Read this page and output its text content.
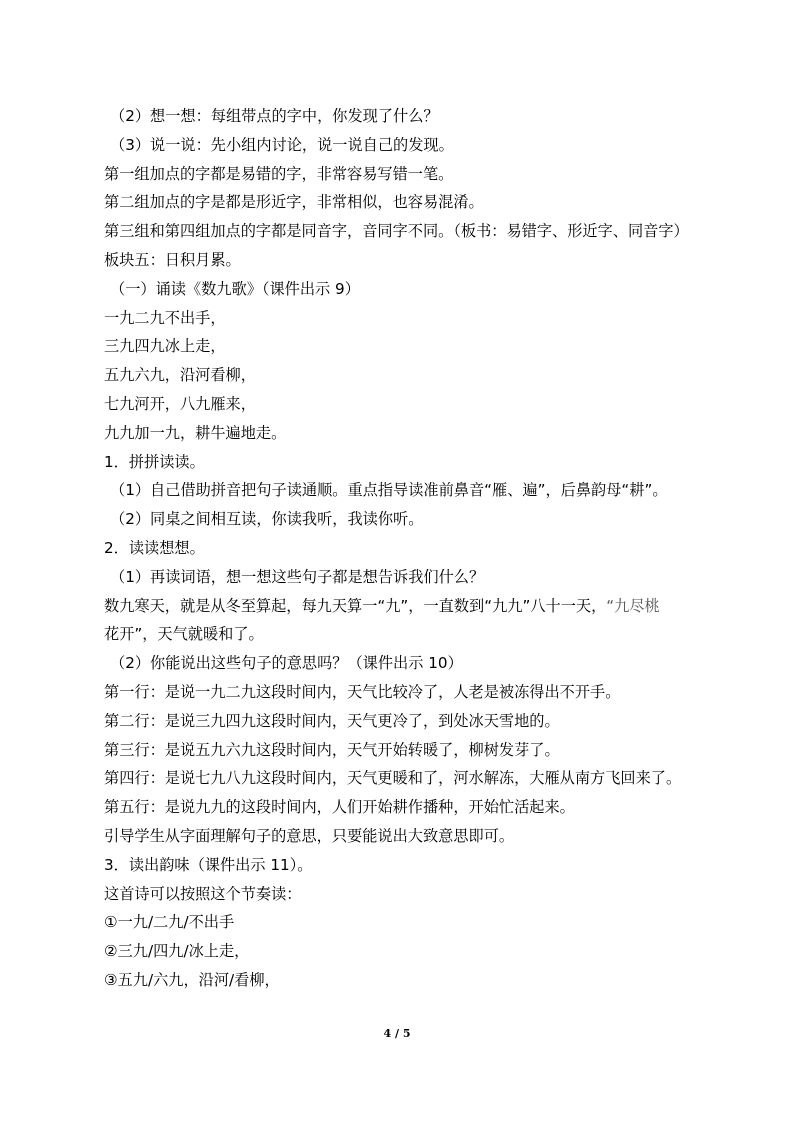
（2）想一想：每组带点的字中，你发现了什么？
（3）说一说：先小组内讨论，说一说自己的发现。
第一组加点的字都是易错的字，非常容易写错一笔。
第二组加点的字是都是形近字，非常相似，也容易混淆。
第三组和第四组加点的字都是同音字，音同字不同。（板书：易错字、形近字、同音字）
板块五：日积月累。
（一）诵读《数九歌》（课件出示 9）
一九二九不出手，
三九四九冰上走，
五九六九，沿河看柳，
七九河开，八九雁来，
九九加一九，耕牛遍地走。
1．拼拼读读。
（1）自己借助拼音把句子读通顺。重点指导读准前鼻音“雁、遍”，后鼻韵母“耕”。
（2）同桌之间相互读，你读我听，我读你听。
2．读读想想。
（1）再读词语，想一想这些句子都是想告诉我们什么？
数九寒天，就是从冬至算起，每九天算一“九”，一直数到“九九”八十一天，“九尽桃
花开”，天气就暖和了。
（2）你能说出这些句子的意思吗？（课件出示 10）
第一行：是说一九二九这段时间内，天气比较冷了，人老是被冻得出不开手。
第二行：是说三九四九这段时间内，天气更冷了，到处冰天雪地的。
第三行：是说五九六九这段时间内，天气开始转暖了，柳树发芽了。
第四行：是说七九八九这段时间内，天气更暖和了，河水解冻，大雁从南方飞回来了。
第五行：是说九九的这段时间内，人们开始耕作播种，开始忙活起来。
引导学生从字面理解句子的意思，只要能说出大致意思即可。
3．读出韵味（课件出示 11）。
这首诗可以按照这个节奏读：
①一九/二九/不出手
②三九/四九/冰上走，
③五九/六九，沿河/看柳，
4 / 5
